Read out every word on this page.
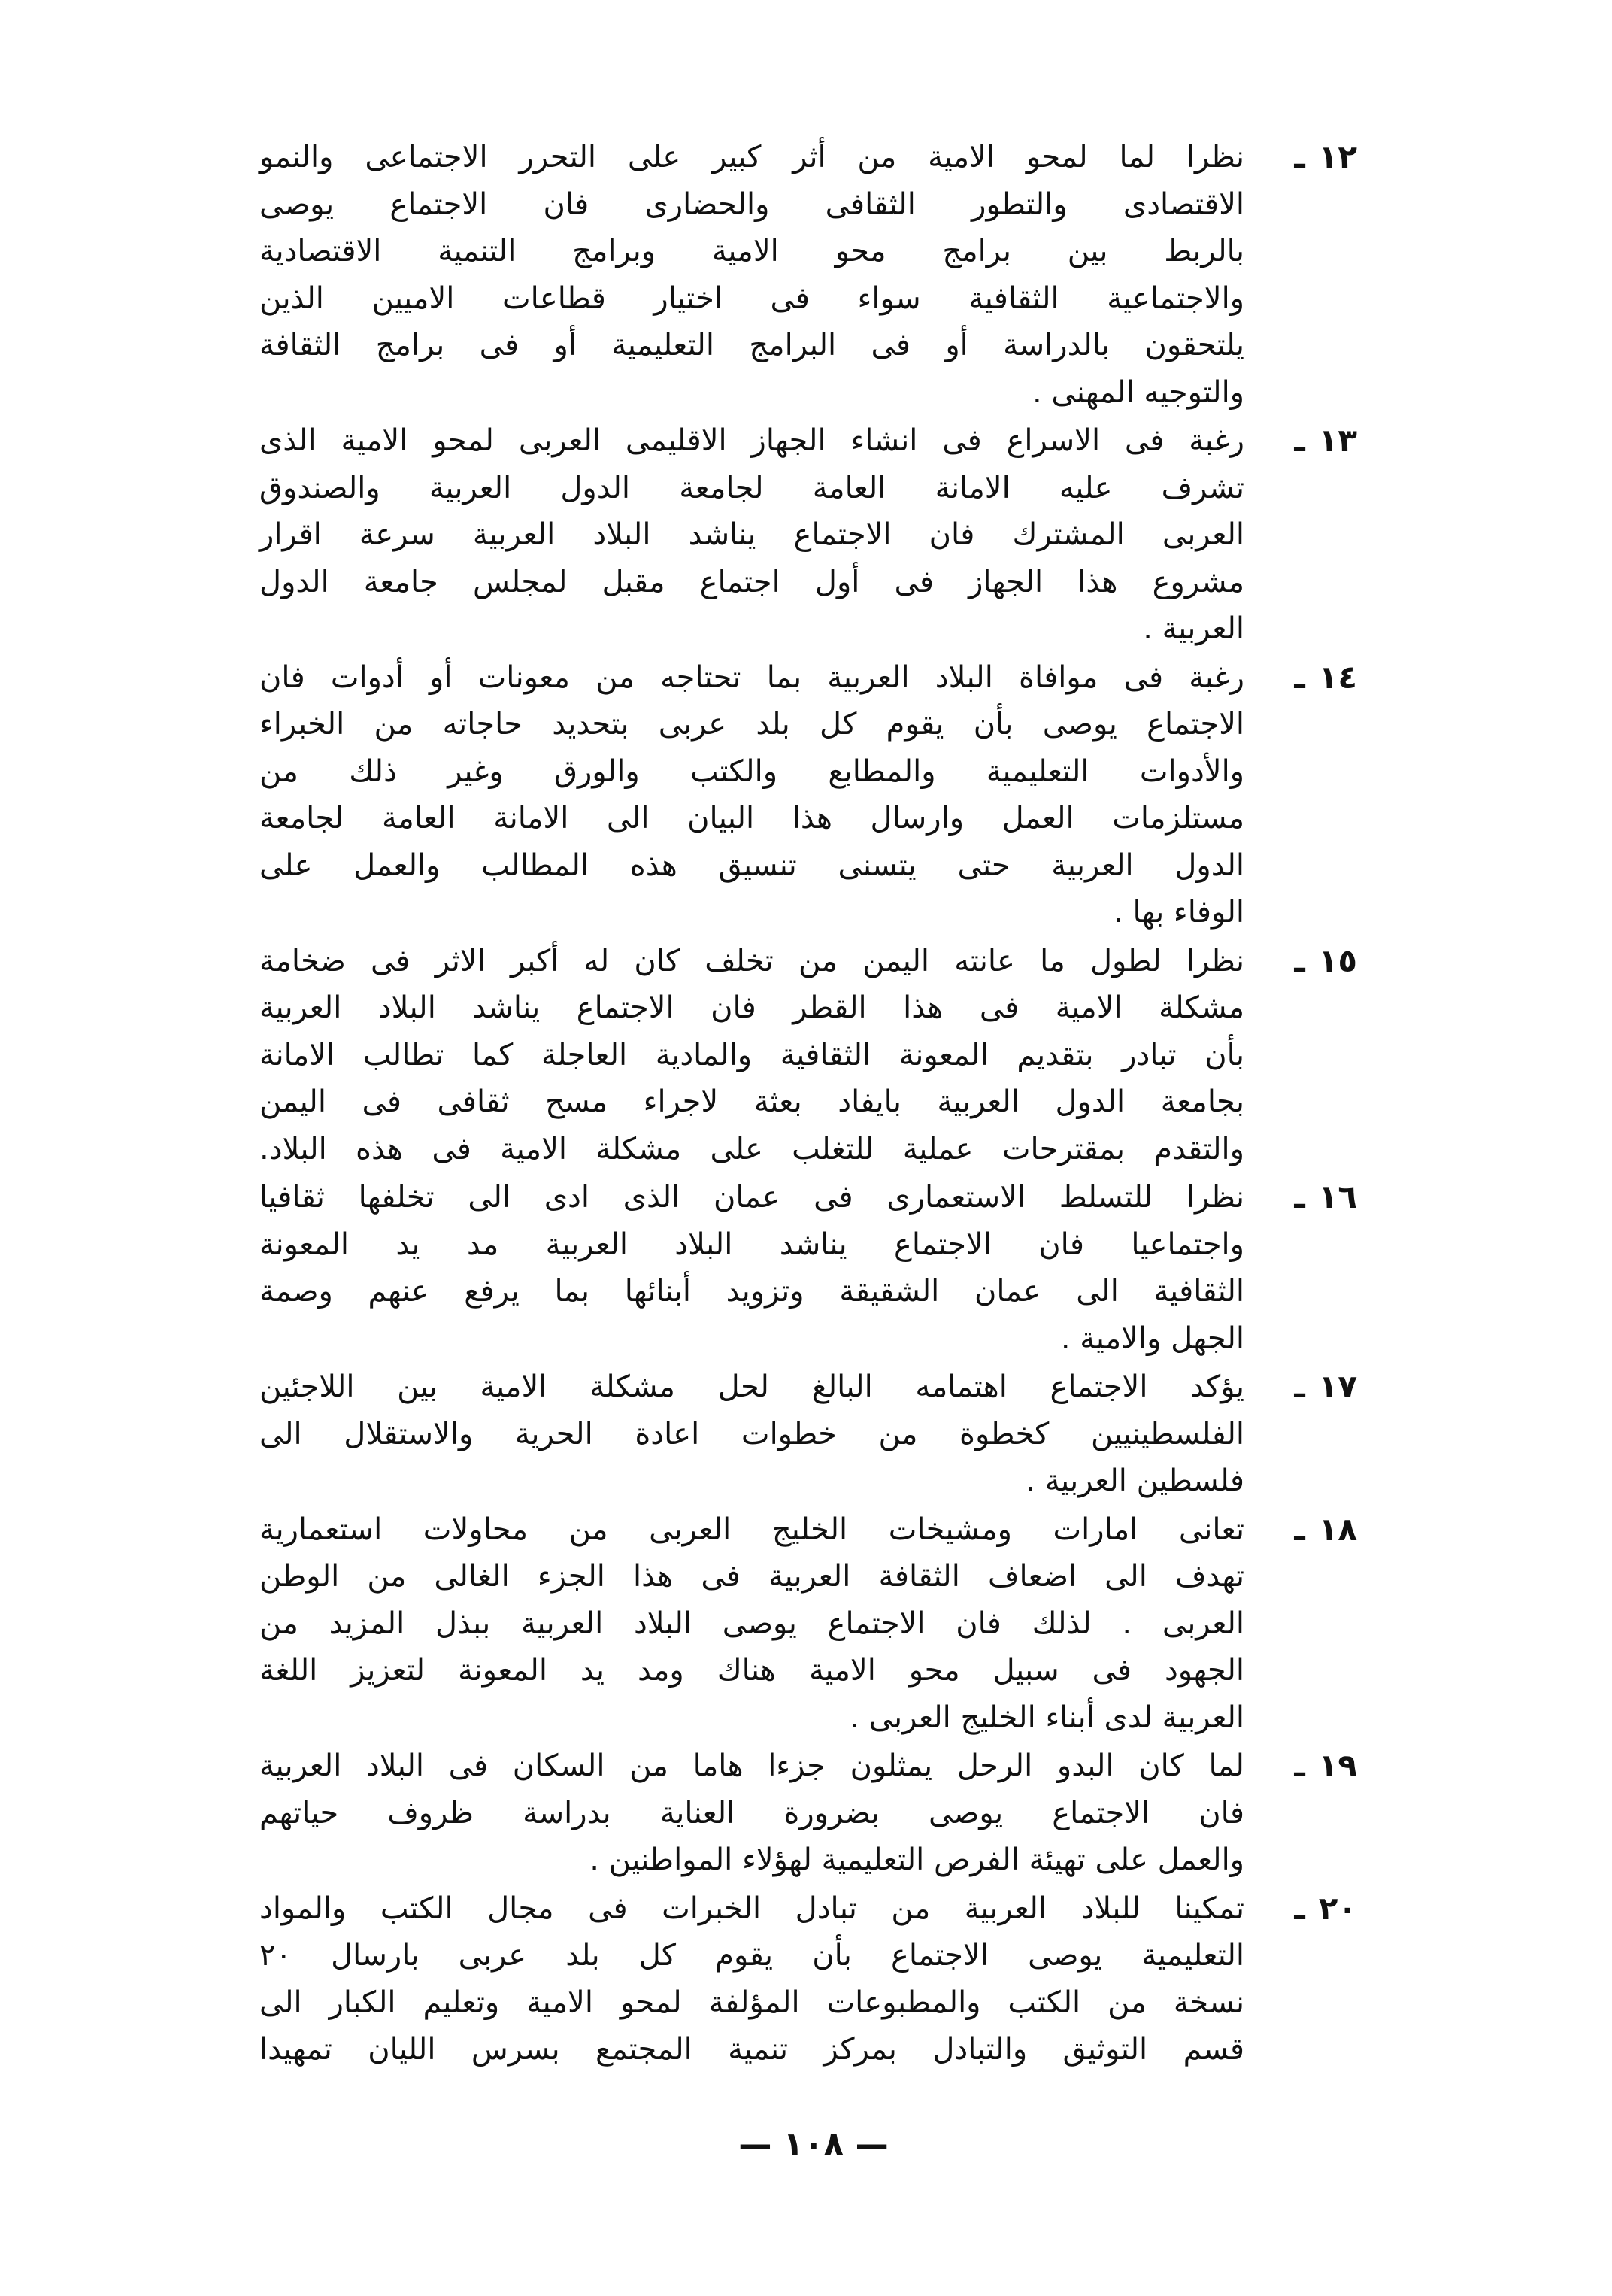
١٢ـ
نظرا لما لمحو الامية من أثر كبير على التحرر الاجتماعى والنمو
الاقتصادى والتطور الثقافى والحضارى فان الاجتماع يوصى
بالربط بين برامج محو الامية وبرامج التنمية الاقتصادية
والاجتماعية الثقافية سواء فى اختيار قطاعات الاميين الذين
يلتحقون بالدراسة أو فى البرامج التعليمية أو فى برامج الثقافة
والتوجيه المهنى .
١٣ـ
رغبة فى الاسراع فى انشاء الجهاز الاقليمى العربى لمحو الامية الذى
تشرف عليه الامانة العامة لجامعة الدول العربية والصندوق
العربى المشترك فان الاجتماع يناشد البلاد العربية سرعة اقرار
مشروع هذا الجهاز فى أول اجتماع مقبل لمجلس جامعة الدول
العربية .
١٤ـ
رغبة فى موافاة البلاد العربية بما تحتاجه من معونات أو أدوات فان
الاجتماع يوصى بأن يقوم كل بلد عربى بتحديد حاجاته من الخبراء
والأدوات التعليمية والمطابع والكتب والورق وغير ذلك من
مستلزمات العمل وارسال هذا البيان الى الامانة العامة لجامعة
الدول العربية حتى يتسنى تنسيق هذه المطالب والعمل على
الوفاء بها .
١٥ـ
نظرا لطول ما عانته اليمن من تخلف كان له أكبر الاثر فى ضخامة
مشكلة الامية فى هذا القطر فان الاجتماع يناشد البلاد العربية
بأن تبادر بتقديم المعونة الثقافية والمادية العاجلة كما تطالب الامانة
بجامعة الدول العربية بايفاد بعثة لاجراء مسح ثقافى فى اليمن
والتقدم بمقترحات عملية للتغلب على مشكلة الامية فى هذه البلاد.
١٦ـ
نظرا للتسلط الاستعمارى فى عمان الذى ادى الى تخلفها ثقافيا
واجتماعيا فان الاجتماع يناشد البلاد العربية مد يد المعونة
الثقافية الى عمان الشقيقة وتزويد أبنائها بما يرفع عنهم وصمة
الجهل والامية .
١٧ـ
يؤكد الاجتماع اهتمامه البالغ لحل مشكلة الامية بين اللاجئين
الفلسطينيين كخطوة من خطوات اعادة الحرية والاستقلال الى
فلسطين العربية .
١٨ـ
تعانى امارات ومشيخات الخليج العربى من محاولات استعمارية
تهدف الى اضعاف الثقافة العربية فى هذا الجزء الغالى من الوطن
العربى . لذلك فان الاجتماع يوصى البلاد العربية ببذل المزيد من
الجهود فى سبيل محو الامية هناك ومد يد المعونة لتعزيز اللغة
العربية لدى أبناء الخليج العربى .
١٩ـ
لما كان البدو الرحل يمثلون جزءا هاما من السكان فى البلاد العربية
فان الاجتماع يوصى بضرورة العناية بدراسة ظروف حياتهم
والعمل على تهيئة الفرص التعليمية لهؤلاء المواطنين .
٢٠ـ
تمكينا للبلاد العربية من تبادل الخبرات فى مجال الكتب والمواد
التعليمية يوصى الاجتماع بأن يقوم كل بلد عربى بارسال ٢٠
نسخة من الكتب والمطبوعات المؤلفة لمحو الامية وتعليم الكبار الى
قسم التوثيق والتبادل بمركز تنمية المجتمع بسرس الليان تمهيدا
— ١٠٨ —
